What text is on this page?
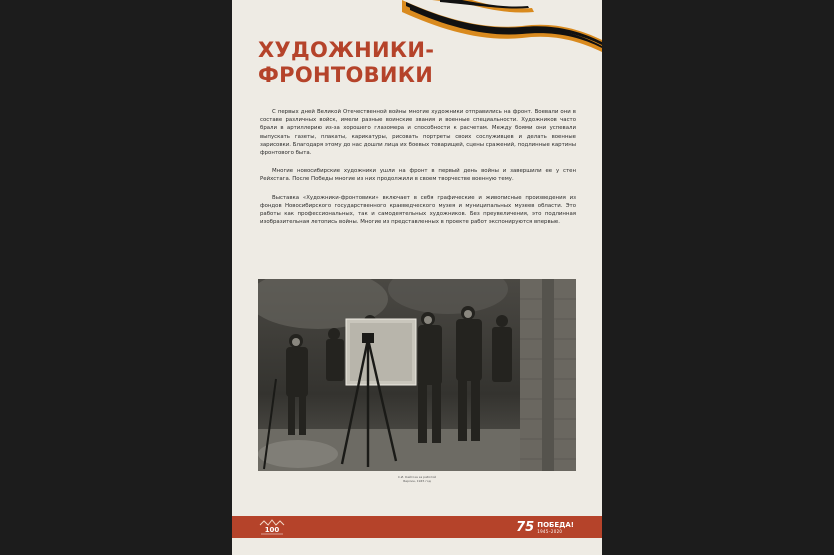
ХУДОЖНИКИ-
ФРОНТОВИКИ

С первых дней Великой Отечественной войны многие художники отправились на фронт. Воевали они в составе различных войск, имели разные воинские звания и военные специальности. Художников часто брали в артиллерию из-за хорошего глазомера и способности к расчетам. Между боями они успевали выпускать газеты, плакаты, карикатуры, рисовать портреты своих сослуживцев и делать военные зарисовки. Благодаря этому до нас дошли лица их боевых товарищей, сцены сражений, подлинные картины фронтового быта.

Многие новосибирские художники ушли на фронт в первый день войны и завершили ее у стен Рейхстага. После Победы многие из них продолжили в своем творчестве военную тему.

Выставка «Художники-фронтовики» включает в себя графические и живописные произведения из фондов Новосибирского государственного краеведческого музея и муниципальных музеев области. Это работы как профессиональных, так и самодеятельных художников. Без преувеличения, это подлинная изобразительная летопись войны. Многие из представленных в проекте работ экспонируются впервые.

С.И. Кайгоза за работой
Берлин, 1945 год
100	75 ПОБЕДА!
1945–2020
